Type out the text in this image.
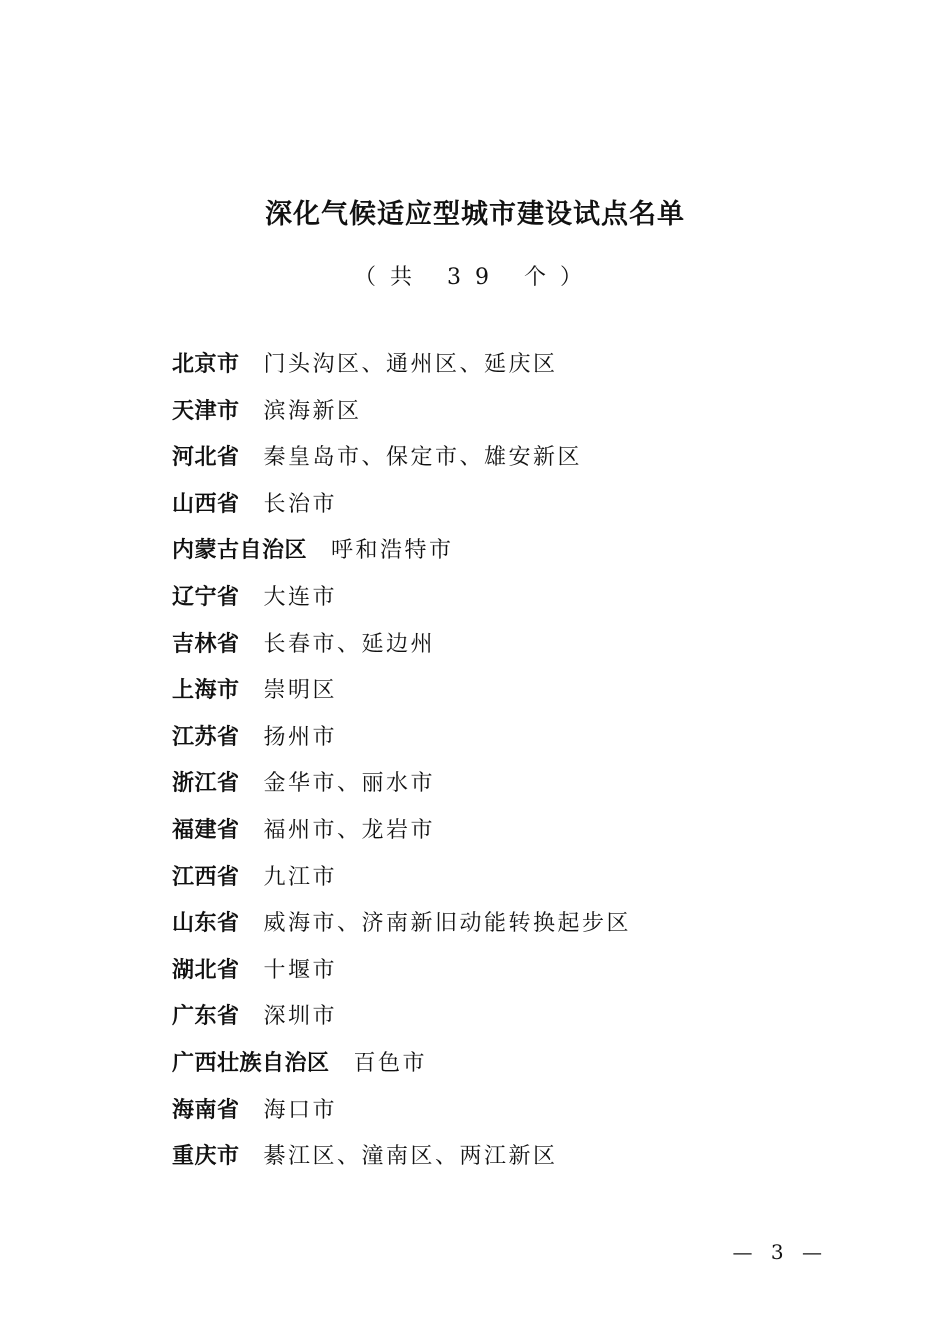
深化气候适应型城市建设试点名单
（共 39 个）
北京市 门头沟区、通州区、延庆区
天津市 滨海新区
河北省 秦皇岛市、保定市、雄安新区
山西省 长治市
内蒙古自治区 呼和浩特市
辽宁省 大连市
吉林省 长春市、延边州
上海市 崇明区
江苏省 扬州市
浙江省 金华市、丽水市
福建省 福州市、龙岩市
江西省 九江市
山东省 威海市、济南新旧动能转换起步区
湖北省 十堰市
广东省 深圳市
广西壮族自治区 百色市
海南省 海口市
重庆市 綦江区、潼南区、两江新区
— 3 —
